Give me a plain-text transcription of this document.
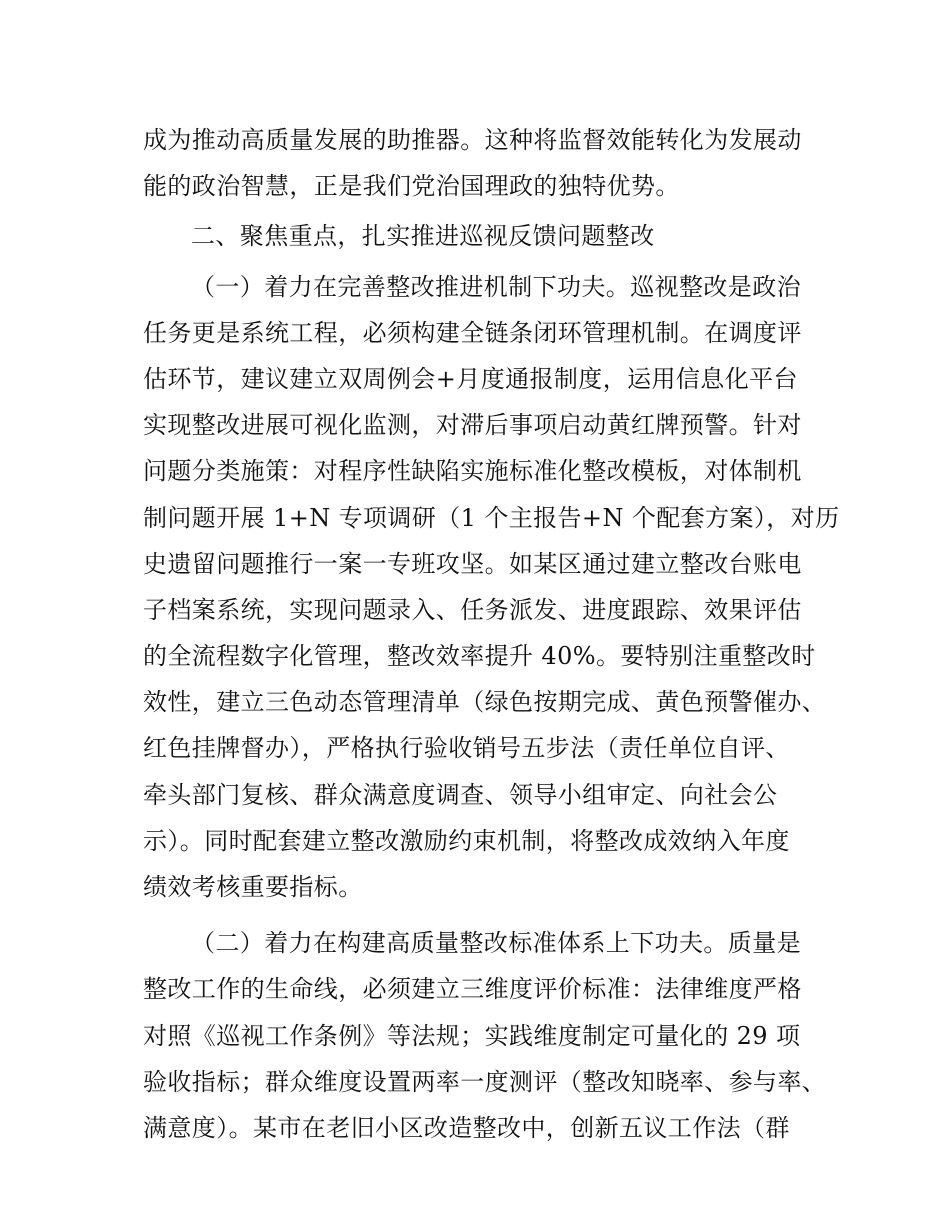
成为推动高质量发展的助推器。这种将监督效能转化为发展动
能的政治智慧，正是我们党治国理政的独特优势。
二、聚焦重点，扎实推进巡视反馈问题整改
（一）着力在完善整改推进机制下功夫。巡视整改是政治
任务更是系统工程，必须构建全链条闭环管理机制。在调度评
估环节，建议建立双周例会+月度通报制度，运用信息化平台
实现整改进展可视化监测，对滞后事项启动黄红牌预警。针对
问题分类施策：对程序性缺陷实施标准化整改模板，对体制机
制问题开展 1+N 专项调研（1 个主报告+N 个配套方案），对历
史遗留问题推行一案一专班攻坚。如某区通过建立整改台账电
子档案系统，实现问题录入、任务派发、进度跟踪、效果评估
的全流程数字化管理，整改效率提升 40%。要特别注重整改时
效性，建立三色动态管理清单（绿色按期完成、黄色预警催办、
红色挂牌督办），严格执行验收销号五步法（责任单位自评、
牵头部门复核、群众满意度调查、领导小组审定、向社会公
示）。同时配套建立整改激励约束机制，将整改成效纳入年度
绩效考核重要指标。
（二）着力在构建高质量整改标准体系上下功夫。质量是
整改工作的生命线，必须建立三维度评价标准：法律维度严格
对照《巡视工作条例》等法规；实践维度制定可量化的 29 项
验收指标；群众维度设置两率一度测评（整改知晓率、参与率、
满意度）。某市在老旧小区改造整改中，创新五议工作法（群
